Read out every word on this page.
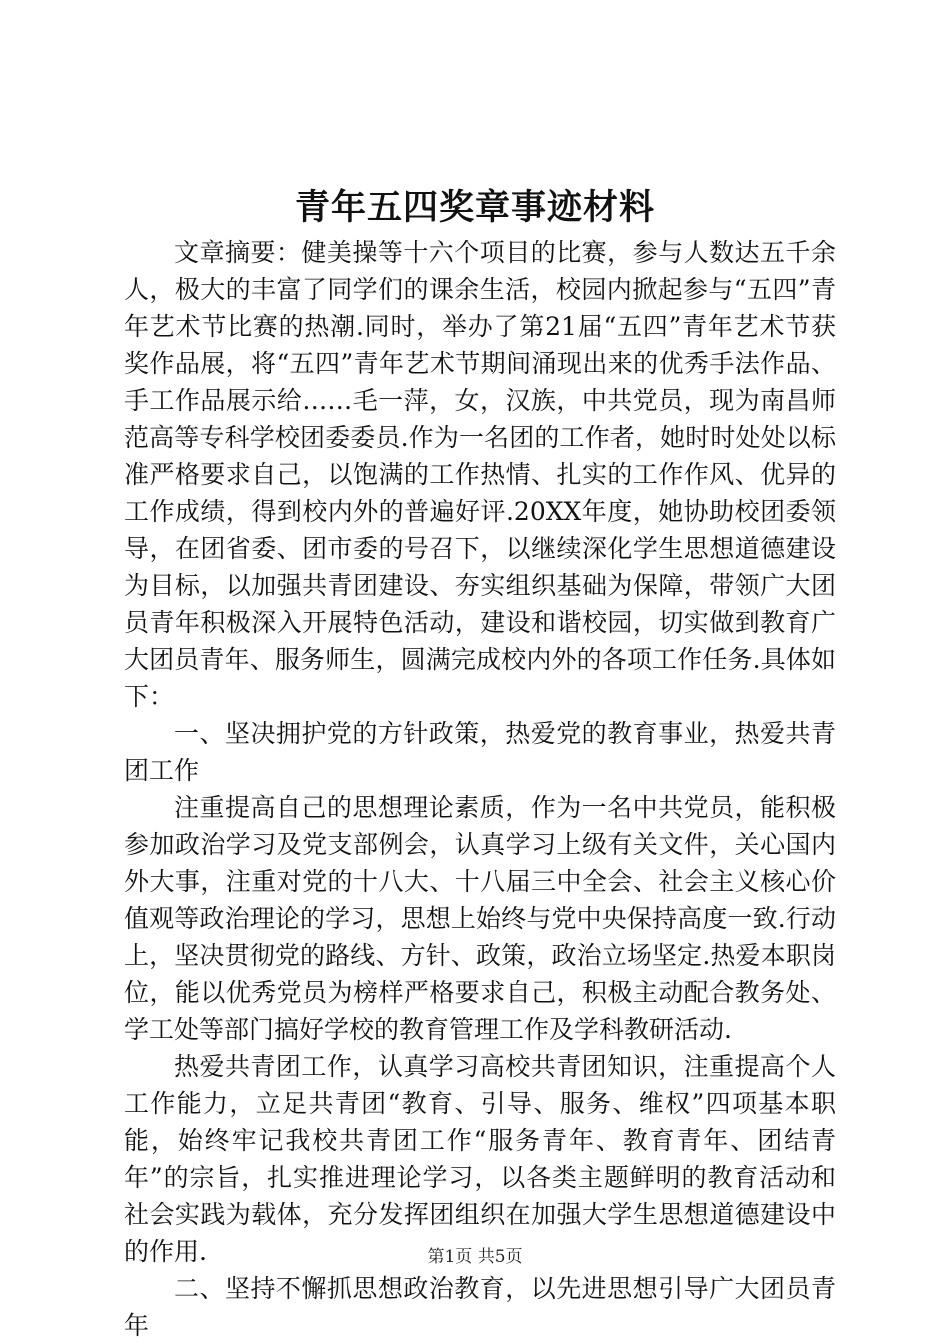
青年五四奖章事迹材料

文章摘要：健美操等十六个项目的比赛，参与人数达五千余人，极大的丰富了同学们的课余生活，校园内掀起参与“五四”青年艺术节比赛的热潮.同时，举办了第21届“五四”青年艺术节获奖作品展，将“五四”青年艺术节期间涌现出来的优秀手法作品、手工作品展示给……毛一萍，女，汉族，中共党员，现为南昌师范高等专科学校团委委员.作为一名团的工作者，她时时处处以标准严格要求自己，以饱满的工作热情、扎实的工作作风、优异的工作成绩，得到校内外的普遍好评.20XX年度，她协助校团委领导，在团省委、团市委的号召下，以继续深化学生思想道德建设为目标，以加强共青团建设、夯实组织基础为保障，带领广大团员青年积极深入开展特色活动，建设和谐校园，切实做到教育广大团员青年、服务师生，圆满完成校内外的各项工作任务.具体如下：

一、坚决拥护党的方针政策，热爱党的教育事业，热爱共青团工作

注重提高自己的思想理论素质，作为一名中共党员，能积极参加政治学习及党支部例会，认真学习上级有关文件，关心国内外大事，注重对党的十八大、十八届三中全会、社会主义核心价值观等政治理论的学习，思想上始终与党中央保持高度一致.行动上，坚决贯彻党的路线、方针、政策，政治立场坚定.热爱本职岗位，能以优秀党员为榜样严格要求自己，积极主动配合教务处、学工处等部门搞好学校的教育管理工作及学科教研活动.

热爱共青团工作，认真学习高校共青团知识，注重提高个人工作能力，立足共青团“教育、引导、服务、维权”四项基本职能，始终牢记我校共青团工作“服务青年、教育青年、团结青年”的宗旨，扎实推进理论学习，以各类主题鲜明的教育活动和社会实践为载体，充分发挥团组织在加强大学生思想道德建设中的作用.

二、坚持不懈抓思想政治教育，以先进思想引导广大团员青年

第1页 共5页
